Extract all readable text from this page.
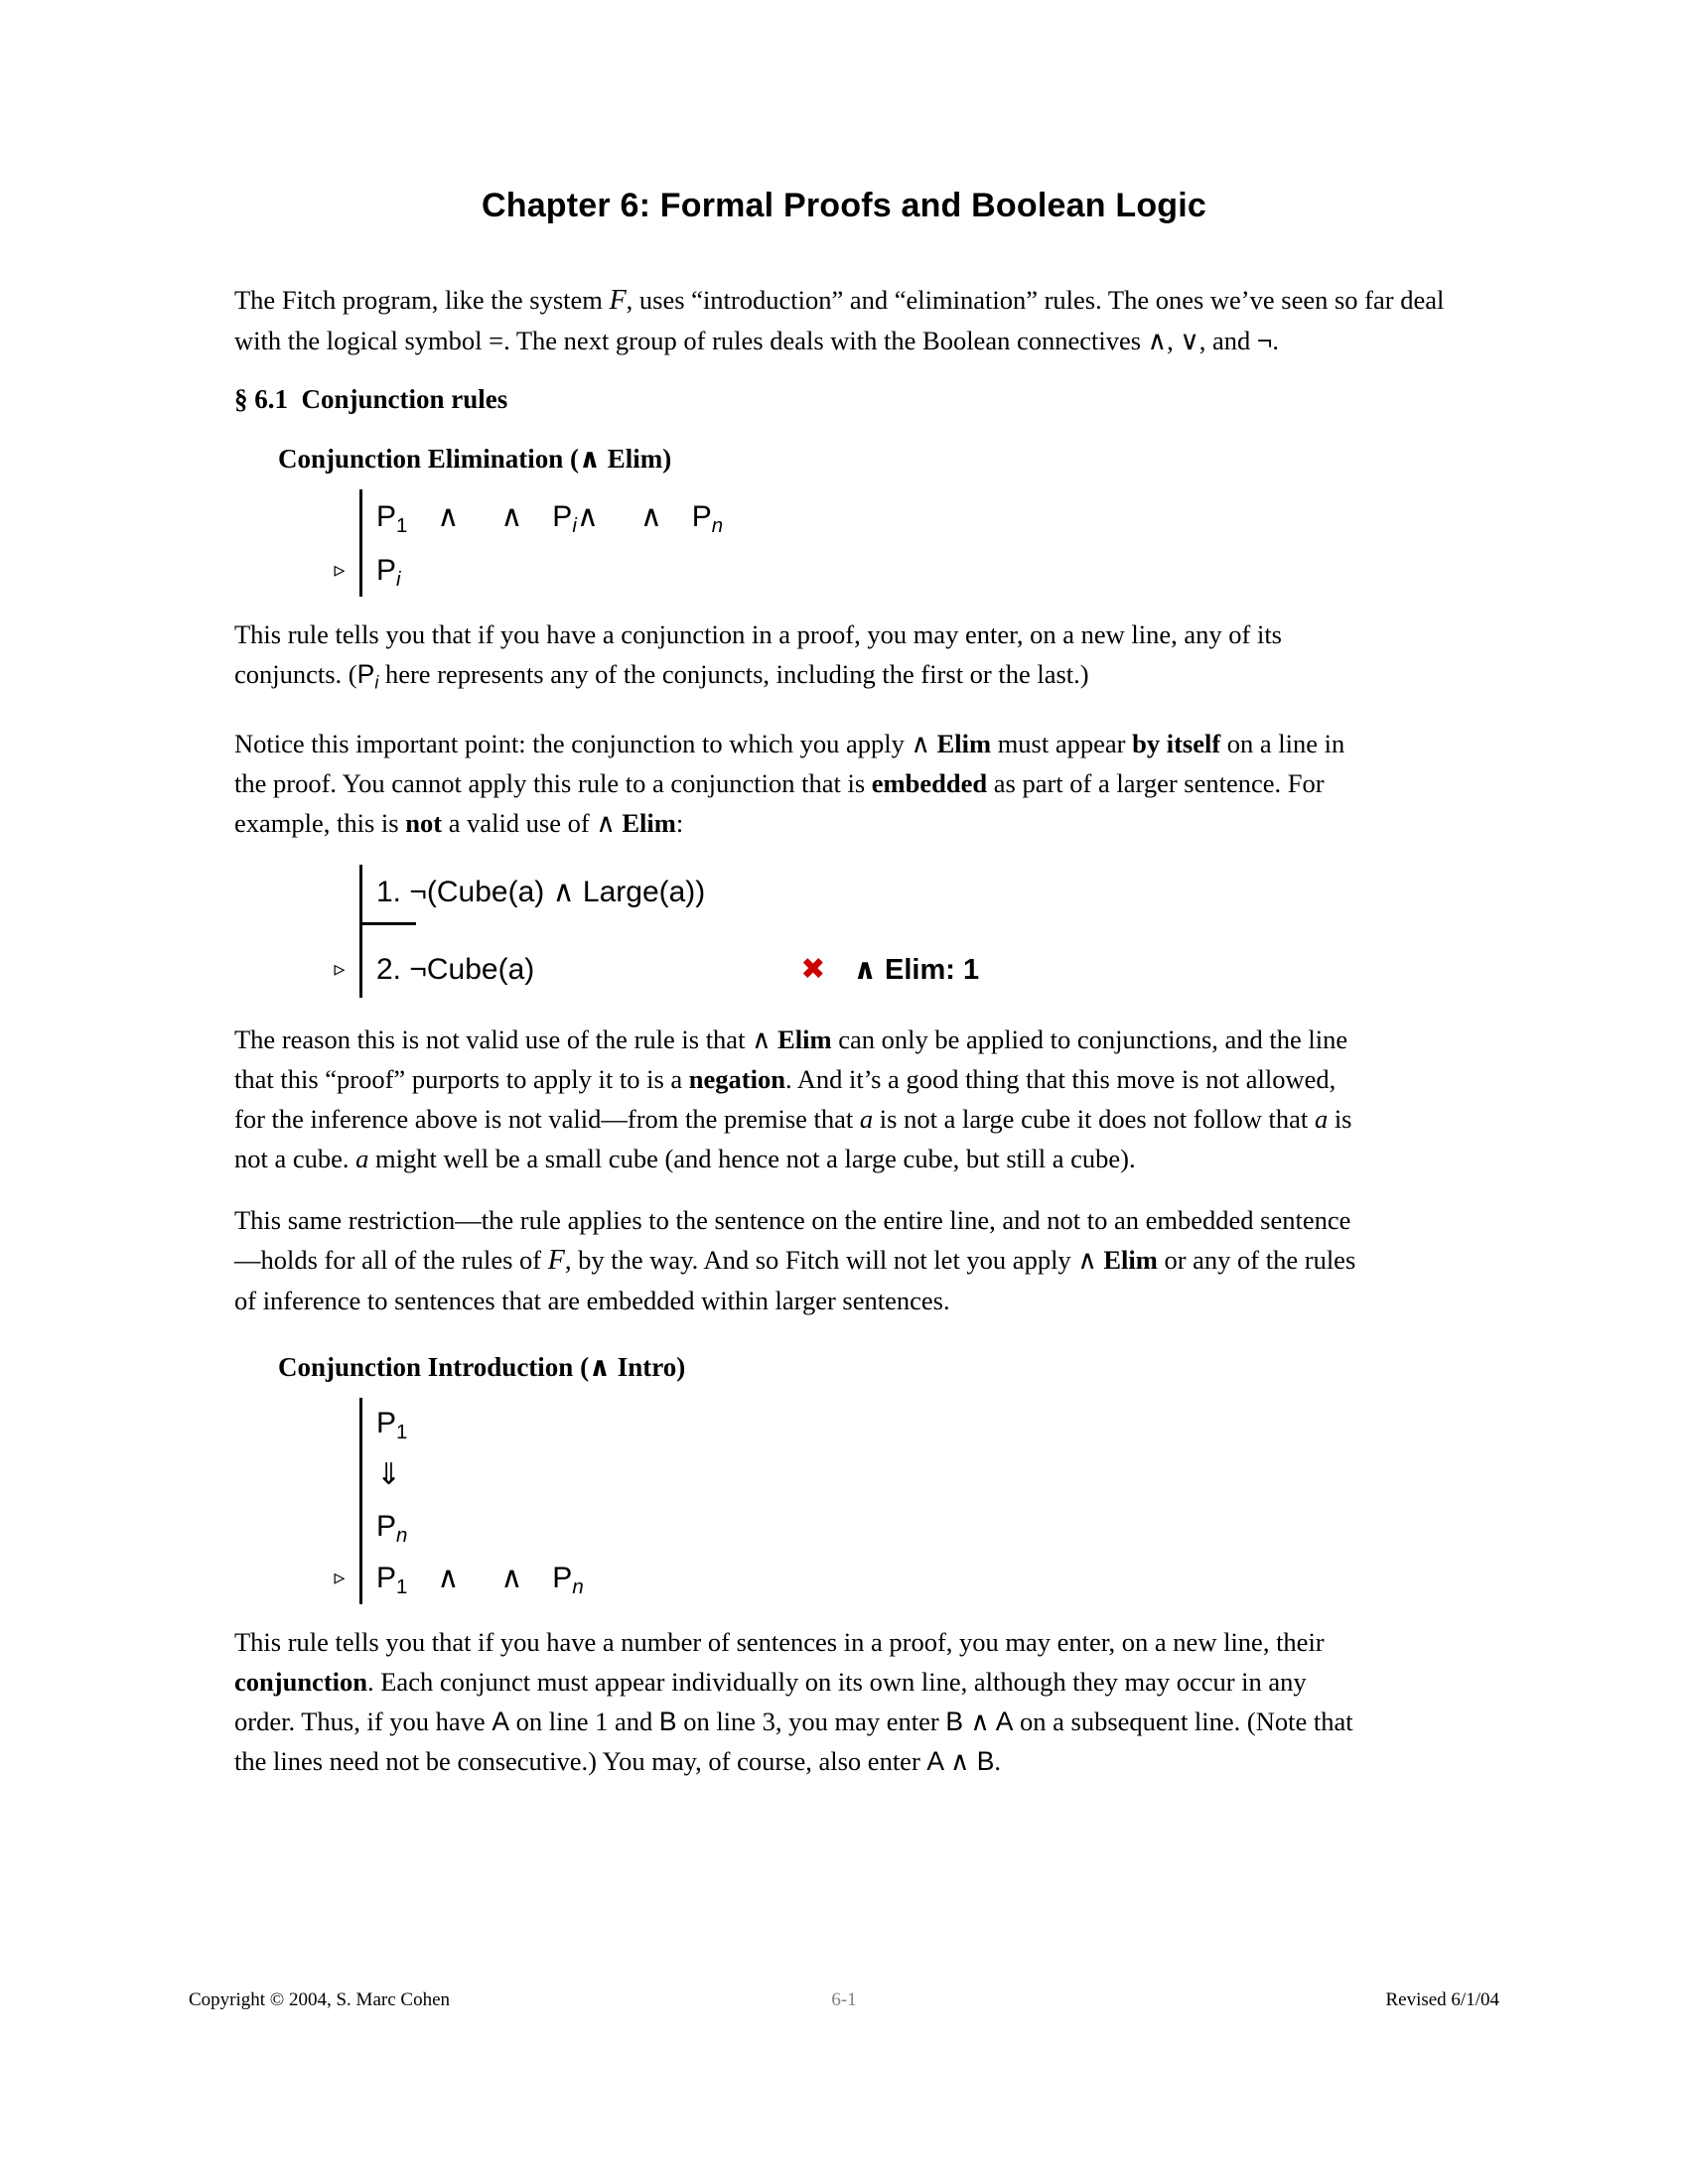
Chapter 6: Formal Proofs and Boolean Logic

The Fitch program, like the system F, uses “introduction” and “elimination” rules. The ones we’ve seen so far deal with the logical symbol =. The next group of rules deals with the Boolean connectives ∧, ∨, and ¬.

§ 6.1 Conjunction rules
Conjunction Elimination (∧ Elim)
$P_1$ ∧ ∧ $P_i\wedge$ ∧ $P_n$
▹	$P_i$

This rule tells you that if you have a conjunction in a proof, you may enter, on a new line, any of its conjuncts. ($P_i$ here represents any of the conjuncts, including the first or the last.)

Notice this important point: the conjunction to which you apply ∧ Elim must appear by itself on a line in the proof. You cannot apply this rule to a conjunction that is embedded as part of a larger sentence. For example, this is not a valid use of ∧ Elim:

1. ¬(Cube(a) ∧ Large(a))
▹	2. ¬Cube(a)	✖ ∧ Elim: 1

The reason this is not valid use of the rule is that ∧ Elim can only be applied to conjunctions, and the line that this “proof” purports to apply it to is a negation. And it’s a good thing that this move is not allowed, for the inference above is not valid—from the premise that a is not a large cube it does not follow that a is not a cube. a might well be a small cube (and hence not a large cube, but still a cube).

This same restriction—the rule applies to the sentence on the entire line, and not to an embedded sentence—holds for all of the rules of F, by the way. And so Fitch will not let you apply ∧ Elim or any of the rules of inference to sentences that are embedded within larger sentences.

Conjunction Introduction (∧ Intro)
$P_1$
⇓
$P_n$
▹	$P_1$ ∧ ∧ $P_n$

This rule tells you that if you have a number of sentences in a proof, you may enter, on a new line, their conjunction. Each conjunct must appear individually on its own line, although they may occur in any order. Thus, if you have A on line 1 and B on line 3, you may enter B ∧ A on a subsequent line. (Note that the lines need not be consecutive.) You may, of course, also enter A ∧ B.

Copyright © 2004, S. Marc Cohen	6-1	Revised 6/1/04
